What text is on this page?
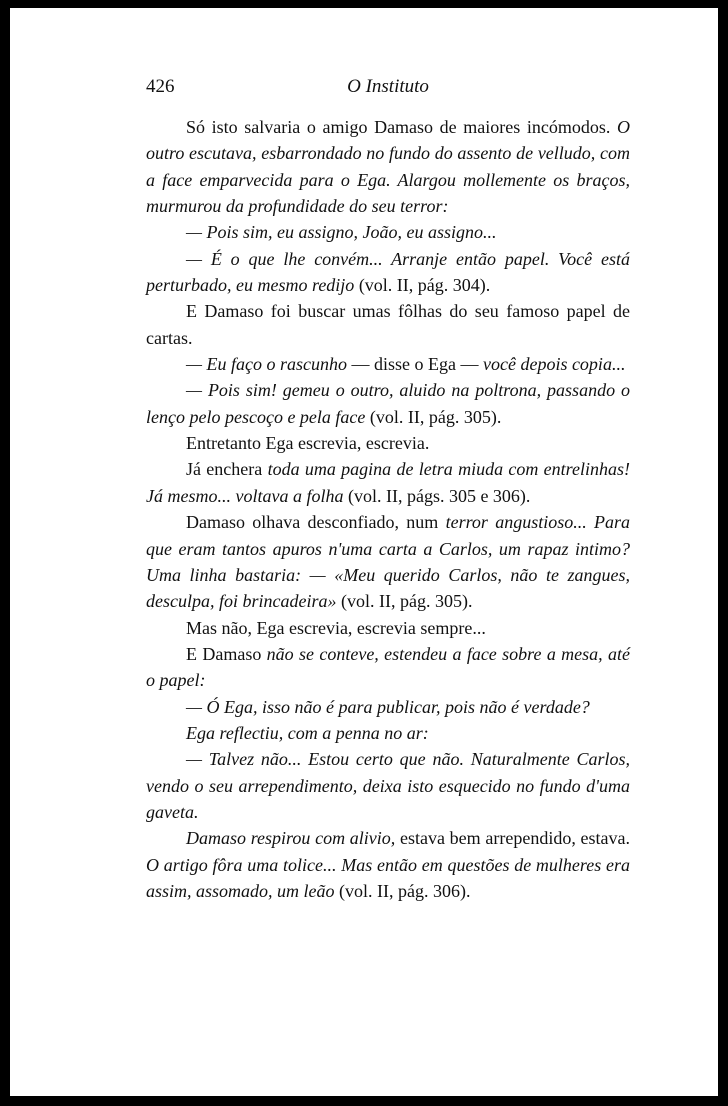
426	O Instituto

Só isto salvaria o amigo Damaso de maiores incómodos. O outro escutava, esbarrondado no fundo do assento de velludo, com a face emparvecida para o Ega. Alargou mollemente os braços, murmurou da profundidade do seu terror:

— Pois sim, eu assigno, João, eu assigno...

— É o que lhe convém... Arranje então papel. Você está perturbado, eu mesmo redijo (vol. II, pág. 304).

E Damaso foi buscar umas fôlhas do seu famoso papel de cartas.

— Eu faço o rascunho — disse o Ega — você depois copia...

— Pois sim! gemeu o outro, aluido na poltrona, passando o lenço pelo pescoço e pela face (vol. II, pág. 305).

Entretanto Ega escrevia, escrevia.

Já enchera toda uma pagina de letra miuda com entrelinhas! Já mesmo... voltava a folha (vol. II, págs. 305 e 306).

Damaso olhava desconfiado, num terror angustioso... Para que eram tantos apuros n'uma carta a Carlos, um rapaz intimo? Uma linha bastaria: — «Meu querido Carlos, não te zangues, desculpa, foi brincadeira» (vol. II, pág. 305).

Mas não, Ega escrevia, escrevia sempre...

E Damaso não se conteve, estendeu a face sobre a mesa, até o papel:

— Ó Ega, isso não é para publicar, pois não é verdade?

Ega reflectiu, com a penna no ar:

— Talvez não... Estou certo que não. Naturalmente Carlos, vendo o seu arrependimento, deixa isto esquecido no fundo d'uma gaveta.

Damaso respirou com alivio, estava bem arrependido, estava. O artigo fôra uma tolice... Mas então em questões de mulheres era assim, assomado, um leão (vol. II, pág. 306).
